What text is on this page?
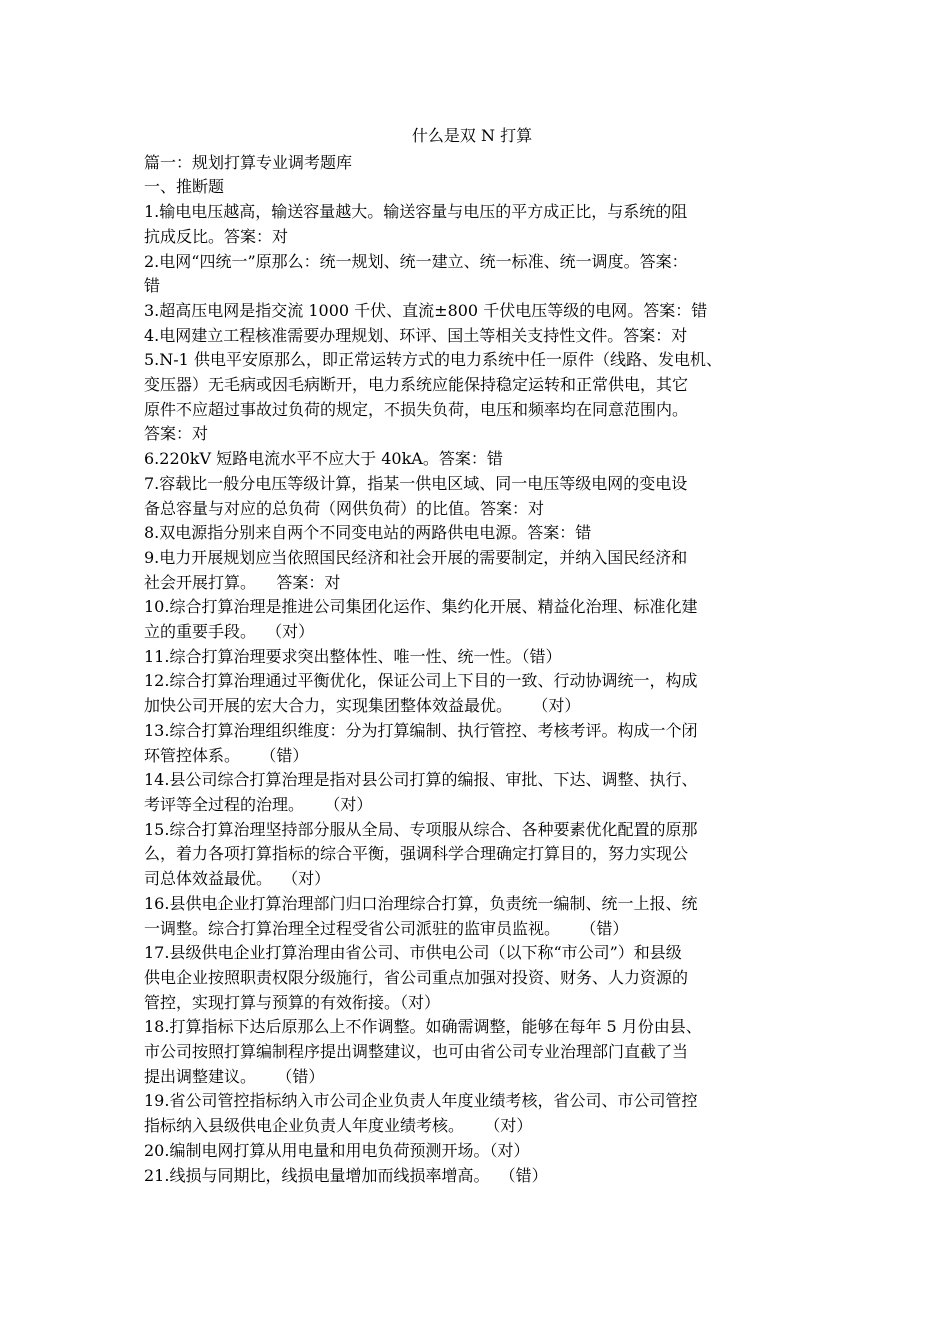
什么是双 N 打算
篇一：规划打算专业调考题库
一、推断题
1.输电电压越高，输送容量越大。输送容量与电压的平方成正比，与系统的阻
抗成反比。答案：对
2.电网“四统一”原那么：统一规划、统一建立、统一标准、统一调度。答案：
错
3.超高压电网是指交流 1000 千伏、直流±800 千伏电压等级的电网。答案：错
4.电网建立工程核准需要办理规划、环评、国土等相关支持性文件。答案：对
5.N-1 供电平安原那么，即正常运转方式的电力系统中任一原件（线路、发电机、
变压器）无毛病或因毛病断开，电力系统应能保持稳定运转和正常供电，其它
原件不应超过事故过负荷的规定，不损失负荷，电压和频率均在同意范围内。
答案：对
6.220kV 短路电流水平不应大于 40kA。答案：错
7.容载比一般分电压等级计算，指某一供电区域、同一电压等级电网的变电设
备总容量与对应的总负荷（网供负荷）的比值。答案：对
8.双电源指分别来自两个不同变电站的两路供电电源。答案：错
9.电力开展规划应当依照国民经济和社会开展的需要制定，并纳入国民经济和
社会开展打算。    答案：对
10.综合打算治理是推进公司集团化运作、集约化开展、精益化治理、标准化建
立的重要手段。  （对）
11.综合打算治理要求突出整体性、唯一性、统一性。（错）
12.综合打算治理通过平衡优化，保证公司上下目的一致、行动协调统一，构成
加快公司开展的宏大合力，实现集团整体效益最优。    （对）
13.综合打算治理组织维度：分为打算编制、执行管控、考核考评。构成一个闭
环管控体系。    （错）
14.县公司综合打算治理是指对县公司打算的编报、审批、下达、调整、执行、
考评等全过程的治理。    （对）
15.综合打算治理坚持部分服从全局、专项服从综合、各种要素优化配置的原那
么，着力各项打算指标的综合平衡，强调科学合理确定打算目的，努力实现公
司总体效益最优。  （对）
16.县供电企业打算治理部门归口治理综合打算，负责统一编制、统一上报、统
一调整。综合打算治理全过程受省公司派驻的监审员监视。    （错）
17.县级供电企业打算治理由省公司、市供电公司（以下称“市公司”）和县级
供电企业按照职责权限分级施行，省公司重点加强对投资、财务、人力资源的
管控，实现打算与预算的有效衔接。（对）
18.打算指标下达后原那么上不作调整。如确需调整，能够在每年 5 月份由县、
市公司按照打算编制程序提出调整建议，也可由省公司专业治理部门直截了当
提出调整建议。    （错）
19.省公司管控指标纳入市公司企业负责人年度业绩考核，省公司、市公司管控
指标纳入县级供电企业负责人年度业绩考核。    （对）
20.编制电网打算从用电量和用电负荷预测开场。（对）
21.线损与同期比，线损电量增加而线损率增高。  （错）
